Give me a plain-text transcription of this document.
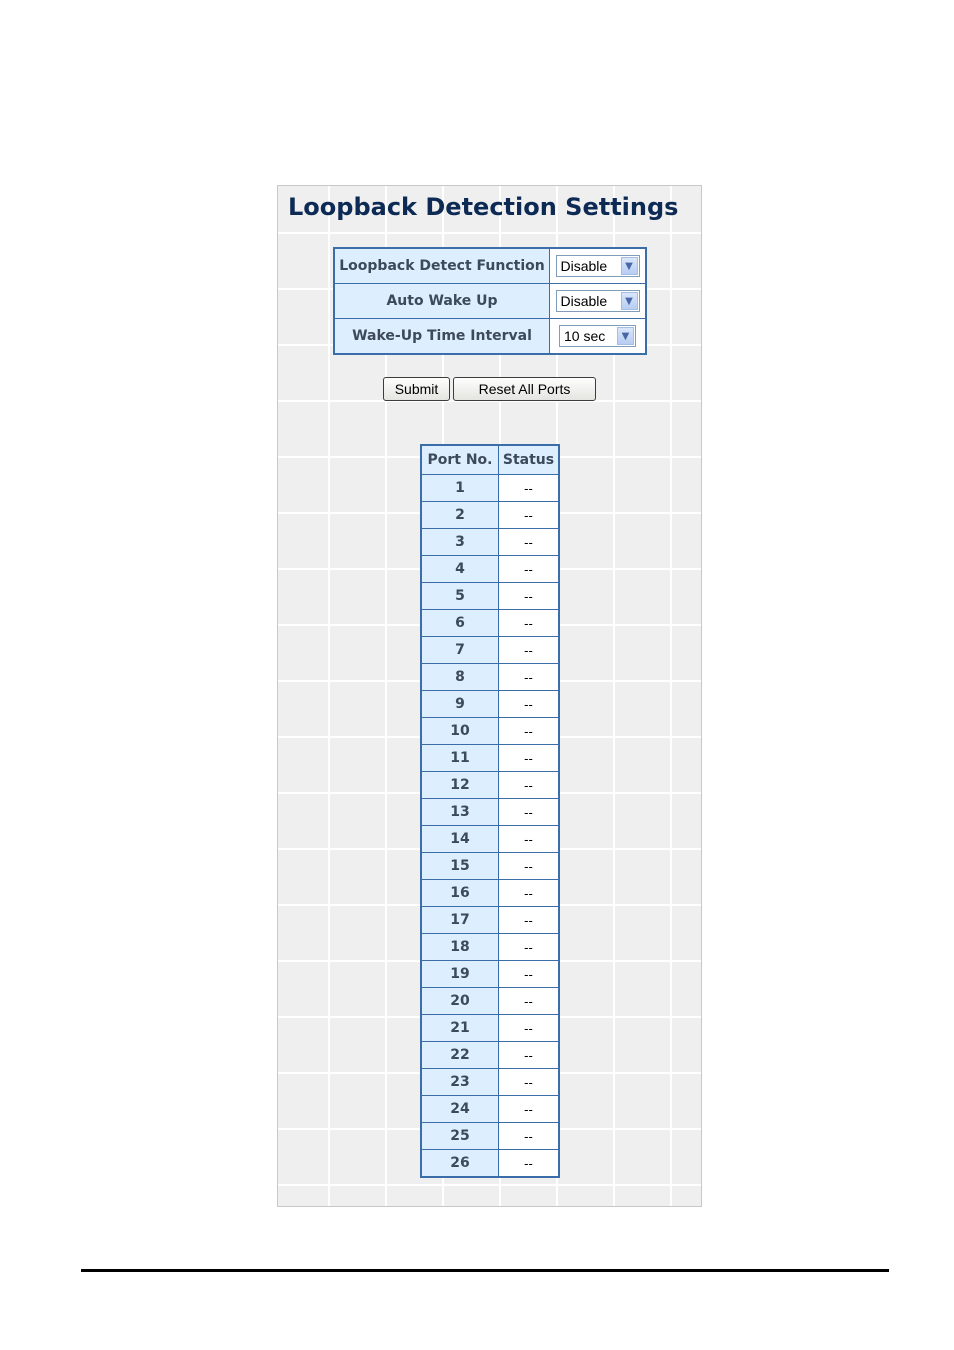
Loopback Detection Settings
Loopback Detect Function	Disable ▼

Auto Wake Up	Disable ▼

Wake-Up Time Interval	10 sec ▼
Submit	Reset All Ports
Port No.	Status
1	--
2	--
3	--
4	--
5	--
6	--
7	--
8	--
9	--
10	--
11	--
12	--
13	--
14	--
15	--
16	--
17	--
18	--
19	--
20	--
21	--
22	--
23	--
24	--
25	--
26	--
